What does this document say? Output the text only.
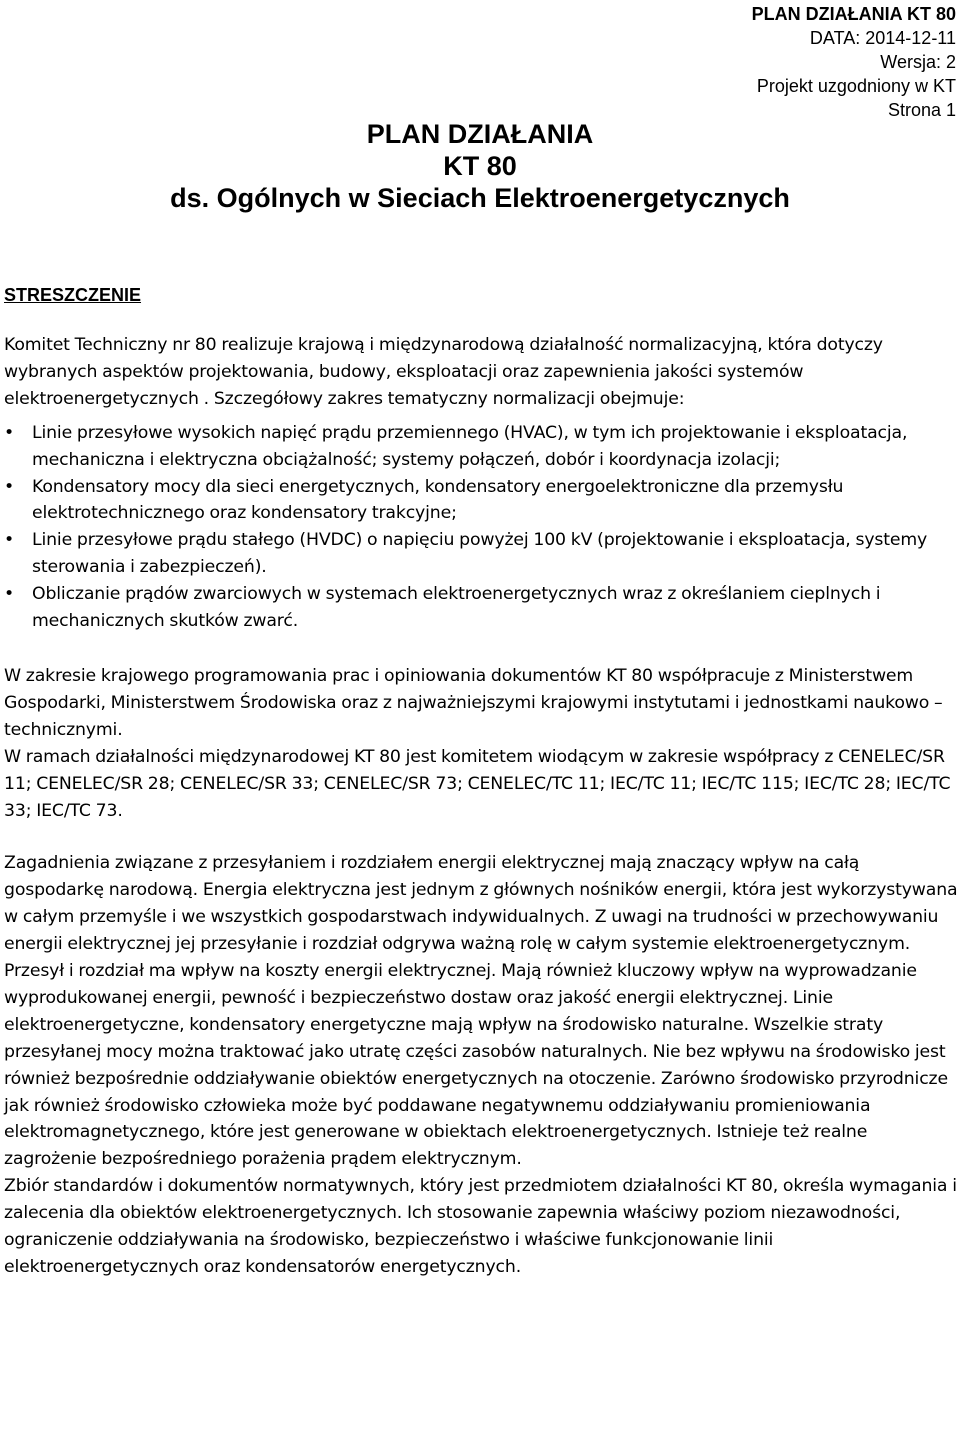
PLAN DZIAŁANIA KT 80
DATA: 2014-12-11
Wersja: 2
Projekt uzgodniony w KT
Strona 1
PLAN DZIAŁANIA
KT 80
ds. Ogólnych w Sieciach Elektroenergetycznych
STRESZCZENIE

Komitet Techniczny nr 80 realizuje krajową i międzynarodową działalność normalizacyjną, która dotyczy wybranych aspektów projektowania, budowy, eksploatacji oraz zapewnienia jakości systemów elektroenergetycznych . Szczegółowy zakres tematyczny normalizacji obejmuje:

•	Linie przesyłowe wysokich napięć prądu przemiennego (HVAC), w tym ich projektowanie i eksploatacja, mechaniczna i elektryczna obciążalność; systemy połączeń, dobór i koordynacja izolacji;
•	Kondensatory mocy dla sieci energetycznych, kondensatory energoelektroniczne dla przemysłu elektrotechnicznego oraz kondensatory trakcyjne;
•	Linie przesyłowe prądu stałego (HVDC) o napięciu powyżej 100 kV (projektowanie i eksploatacja, systemy sterowania i zabezpieczeń).
•	Obliczanie prądów zwarciowych w systemach elektroenergetycznych wraz z określaniem cieplnych i mechanicznych skutków zwarć.

W zakresie krajowego programowania prac i opiniowania dokumentów KT 80 współpracuje z Ministerstwem Gospodarki, Ministerstwem Środowiska oraz z najważniejszymi krajowymi instytutami i jednostkami naukowo – technicznymi.

W ramach działalności międzynarodowej KT 80 jest komitetem wiodącym w zakresie współpracy z CENELEC/SR 11; CENELEC/SR 28; CENELEC/SR 33; CENELEC/SR 73; CENELEC/TC 11; IEC/TC 11; IEC/TC 115; IEC/TC 28; IEC/TC 33; IEC/TC 73.

Zagadnienia związane z przesyłaniem i rozdziałem energii elektrycznej mają znaczący wpływ na całą gospodarkę narodową. Energia elektryczna jest jednym z głównych nośników energii, która jest wykorzystywana w całym przemyśle i we wszystkich gospodarstwach indywidualnych. Z uwagi na trudności w przechowywaniu energii elektrycznej jej przesyłanie i rozdział odgrywa ważną rolę w całym systemie elektroenergetycznym. Przesył i rozdział ma wpływ na koszty energii elektrycznej. Mają również kluczowy wpływ na wyprowadzanie wyprodukowanej energii, pewność i bezpieczeństwo dostaw oraz jakość energii elektrycznej. Linie elektroenergetyczne, kondensatory energetyczne mają wpływ na środowisko naturalne. Wszelkie straty przesyłanej mocy można traktować jako utratę części zasobów naturalnych. Nie bez wpływu na środowisko jest również bezpośrednie oddziaływanie obiektów energetycznych na otoczenie. Zarówno środowisko przyrodnicze jak również środowisko człowieka może być poddawane negatywnemu oddziaływaniu promieniowania elektromagnetycznego, które jest generowane w obiektach elektroenergetycznych. Istnieje też realne zagrożenie bezpośredniego porażenia prądem elektrycznym.

Zbiór standardów i dokumentów normatywnych, który jest przedmiotem działalności KT 80, określa wymagania i zalecenia dla obiektów elektroenergetycznych. Ich stosowanie zapewnia właściwy poziom niezawodności, ograniczenie oddziaływania na środowisko, bezpieczeństwo i właściwe funkcjonowanie linii elektroenergetycznych oraz kondensatorów energetycznych.
